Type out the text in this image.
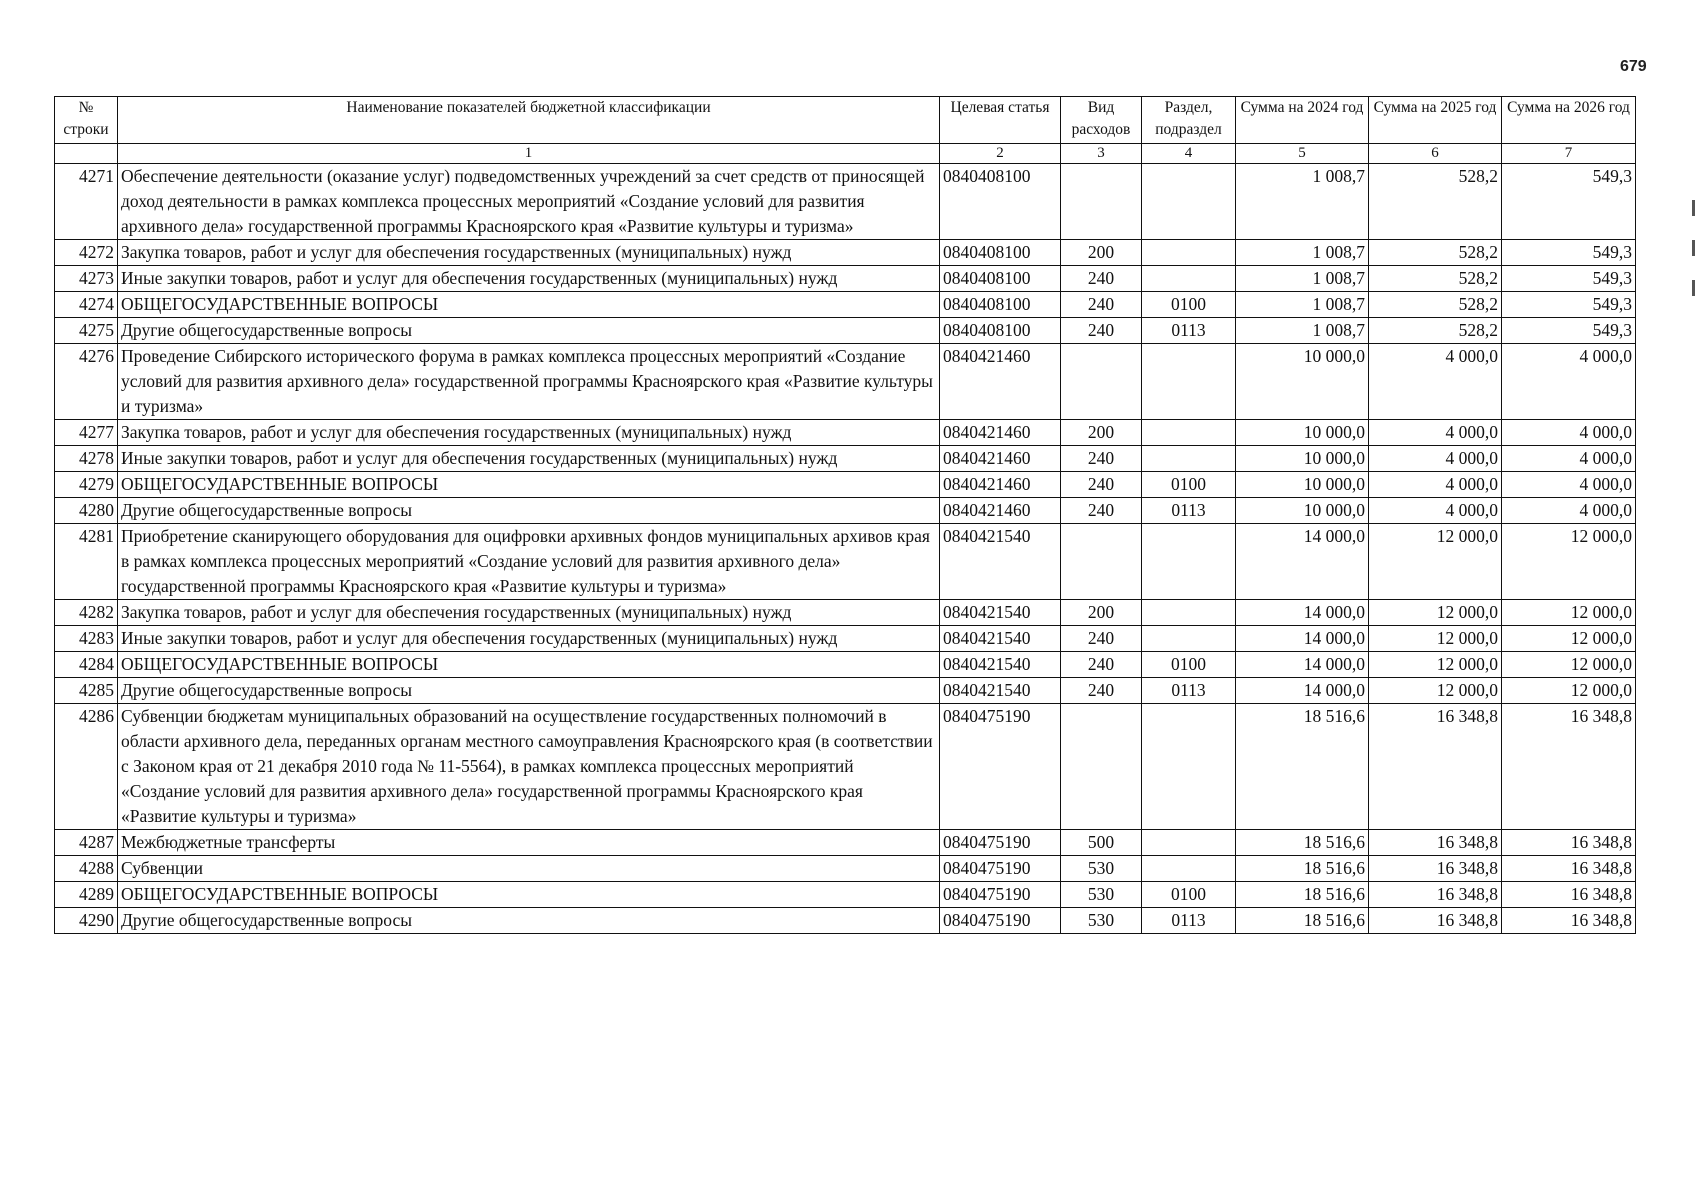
679
№ строки	Наименование показателей бюджетной классификации	Целевая статья	Вид расходов	Раздел, подраздел	Сумма на 2024 год	Сумма на 2025 год	Сумма на 2026 год
	1	2	3	4	5	6	7
4271	Обеспечение деятельности (оказание услуг) подведомственных учреждений за счет средств от приносящей доход деятельности в рамках комплекса процессных мероприятий «Создание условий для развития архивного дела» государственной программы Красноярского края «Развитие культуры и туризма»	0840408100			1 008,7	528,2	549,3
4272	Закупка товаров, работ и услуг для обеспечения государственных (муниципальных) нужд	0840408100	200		1 008,7	528,2	549,3
4273	Иные закупки товаров, работ и услуг для обеспечения государственных (муниципальных) нужд	0840408100	240		1 008,7	528,2	549,3
4274	ОБЩЕГОСУДАРСТВЕННЫЕ ВОПРОСЫ	0840408100	240	0100	1 008,7	528,2	549,3
4275	Другие общегосударственные вопросы	0840408100	240	0113	1 008,7	528,2	549,3
4276	Проведение Сибирского исторического форума в рамках комплекса процессных мероприятий «Создание условий для развития архивного дела» государственной программы Красноярского края «Развитие культуры и туризма»	0840421460			10 000,0	4 000,0	4 000,0
4277	Закупка товаров, работ и услуг для обеспечения государственных (муниципальных) нужд	0840421460	200		10 000,0	4 000,0	4 000,0
4278	Иные закупки товаров, работ и услуг для обеспечения государственных (муниципальных) нужд	0840421460	240		10 000,0	4 000,0	4 000,0
4279	ОБЩЕГОСУДАРСТВЕННЫЕ ВОПРОСЫ	0840421460	240	0100	10 000,0	4 000,0	4 000,0
4280	Другие общегосударственные вопросы	0840421460	240	0113	10 000,0	4 000,0	4 000,0
4281	Приобретение сканирующего оборудования для оцифровки архивных фондов муниципальных архивов края в рамках комплекса процессных мероприятий «Создание условий для развития архивного дела» государственной программы Красноярского края «Развитие культуры и туризма»	0840421540			14 000,0	12 000,0	12 000,0
4282	Закупка товаров, работ и услуг для обеспечения государственных (муниципальных) нужд	0840421540	200		14 000,0	12 000,0	12 000,0
4283	Иные закупки товаров, работ и услуг для обеспечения государственных (муниципальных) нужд	0840421540	240		14 000,0	12 000,0	12 000,0
4284	ОБЩЕГОСУДАРСТВЕННЫЕ ВОПРОСЫ	0840421540	240	0100	14 000,0	12 000,0	12 000,0
4285	Другие общегосударственные вопросы	0840421540	240	0113	14 000,0	12 000,0	12 000,0
4286	Субвенции бюджетам муниципальных образований на осуществление государственных полномочий в области архивного дела, переданных органам местного самоуправления Красноярского края (в соответствии с Законом края от 21 декабря 2010 года № 11-5564), в рамках комплекса процессных мероприятий «Создание условий для развития архивного дела» государственной программы Красноярского края «Развитие культуры и туризма»	0840475190			18 516,6	16 348,8	16 348,8
4287	Межбюджетные трансферты	0840475190	500		18 516,6	16 348,8	16 348,8
4288	Субвенции	0840475190	530		18 516,6	16 348,8	16 348,8
4289	ОБЩЕГОСУДАРСТВЕННЫЕ ВОПРОСЫ	0840475190	530	0100	18 516,6	16 348,8	16 348,8
4290	Другие общегосударственные вопросы	0840475190	530	0113	18 516,6	16 348,8	16 348,8
